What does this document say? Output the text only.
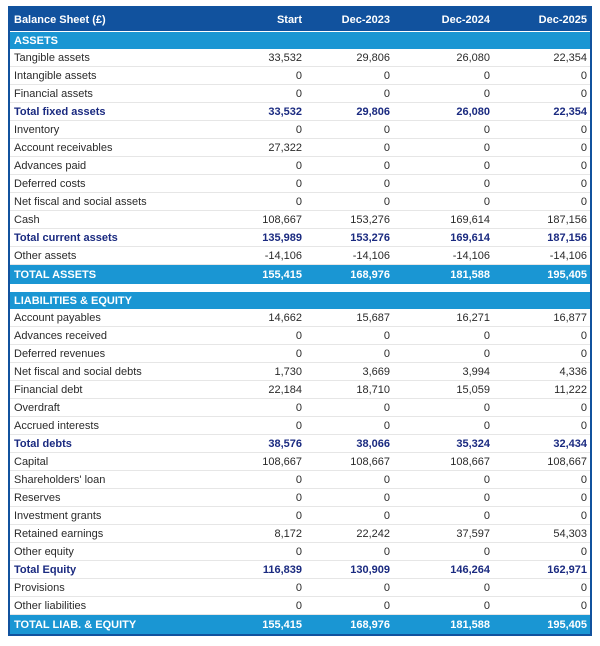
Balance Sheet (£)	Start	Dec-2023	Dec-2024	Dec-2025
ASSETS
Tangible assets	33,532	29,806	26,080	22,354
Intangible assets	0	0	0	0
Financial assets	0	0	0	0
Total fixed assets	33,532	29,806	26,080	22,354
Inventory	0	0	0	0
Account receivables	27,322	0	0	0
Advances paid	0	0	0	0
Deferred costs	0	0	0	0
Net fiscal and social assets	0	0	0	0
Cash	108,667	153,276	169,614	187,156
Total current assets	135,989	153,276	169,614	187,156
Other assets	-14,106	-14,106	-14,106	-14,106
TOTAL ASSETS	155,415	168,976	181,588	195,405
LIABILITIES & EQUITY
Account payables	14,662	15,687	16,271	16,877
Advances received	0	0	0	0
Deferred revenues	0	0	0	0
Net fiscal and social debts	1,730	3,669	3,994	4,336
Financial debt	22,184	18,710	15,059	11,222
Overdraft	0	0	0	0
Accrued interests	0	0	0	0
Total debts	38,576	38,066	35,324	32,434
Capital	108,667	108,667	108,667	108,667
Shareholders' loan	0	0	0	0
Reserves	0	0	0	0
Investment grants	0	0	0	0
Retained earnings	8,172	22,242	37,597	54,303
Other equity	0	0	0	0
Total Equity	116,839	130,909	146,264	162,971
Provisions	0	0	0	0
Other liabilities	0	0	0	0
TOTAL LIAB. & EQUITY	155,415	168,976	181,588	195,405
